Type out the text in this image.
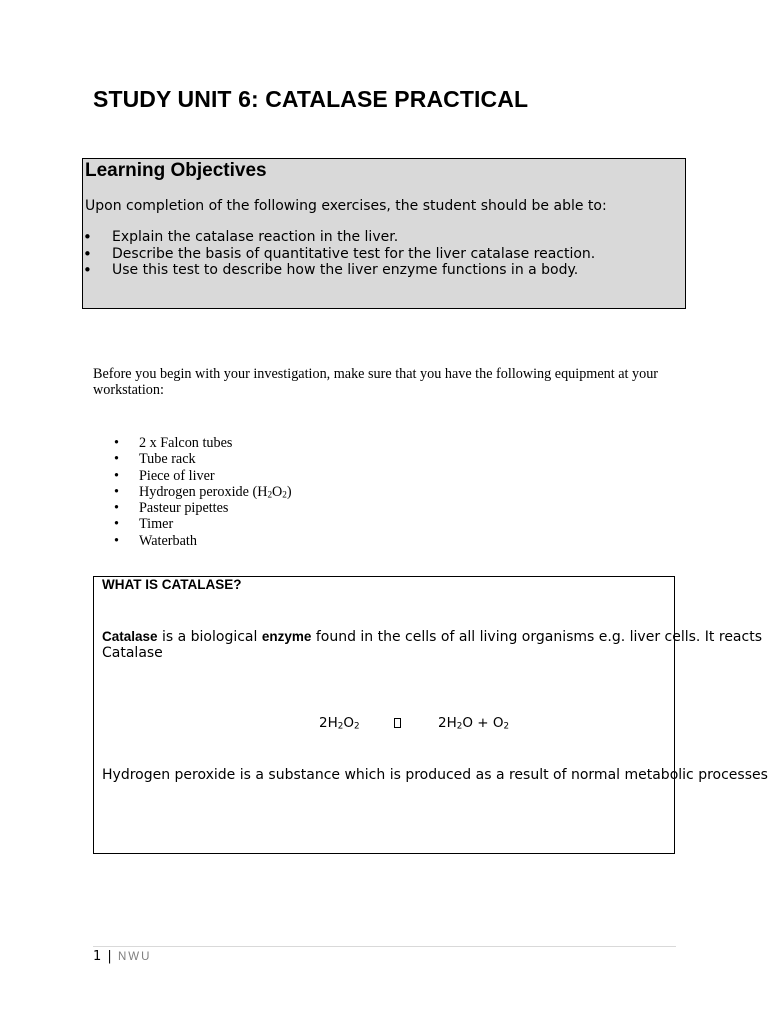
STUDY UNIT 6: CATALASE PRACTICAL
Learning Objectives
Upon completion of the following exercises, the student should be able to:
• Explain the catalase reaction in the liver.
• Describe the basis of quantitative test for the liver catalase reaction.
• Use this test to describe how the liver enzyme functions in a body.
Before you begin with your investigation, make sure that you have the following equipment at your workstation:
• 2 x Falcon tubes
• Tube rack
• Piece of liver
• Hydrogen peroxide $(H_2O_2)$
• Pasteur pipettes
• Timer
• Waterbath
WHAT IS CATALASE?
Catalase is a biological enzyme found in the cells of all living organisms e.g. liver cells. It reacts
Catalase
$2H_2O_2$	$2H_2O + O_2$
Hydrogen peroxide is a substance which is produced as a result of normal metabolic processes
1 | NWU
